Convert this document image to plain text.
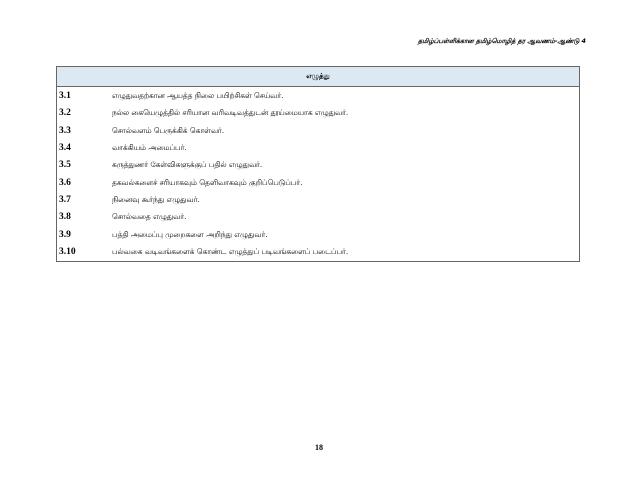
தமிழ்ப்பள்ளிக்கான தமிழ்மொழித் தர ஆவணம்-ஆண்டு 4
எழுத்து	
3.1	எழுதுவதற்கான ஆயத்த நிலை பயிற்சிகள் செய்வர்.
3.2	நல்ல கையெழுத்தில் சரியான வரிவடிவத்துடன் தூய்மையாக எழுதுவர்.
3.3	சொல்வளம் பெருக்கிக் கொள்வர்.
3.4	வாக்கியம் அமைப்பர்.
3.5	கருத்துணர் கேள்விகளுக்குப் பதில் எழுதுவர்.
3.6	தகவல்களைச் சரியாகவும் தெளிவாகவும் குறிப்பெடுப்பர்.
3.7	நினைவு கூர்ந்து எழுதுவர்.
3.8	சொல்வதை எழுதுவர்.
3.9	பத்தி அமைப்பு முறைகளை அறிந்து எழுதுவர்.
3.10	பல்வகை வடிவங்களைக் கொண்ட எழுத்துப் படிவங்களைப் படைப்பர்.
18
